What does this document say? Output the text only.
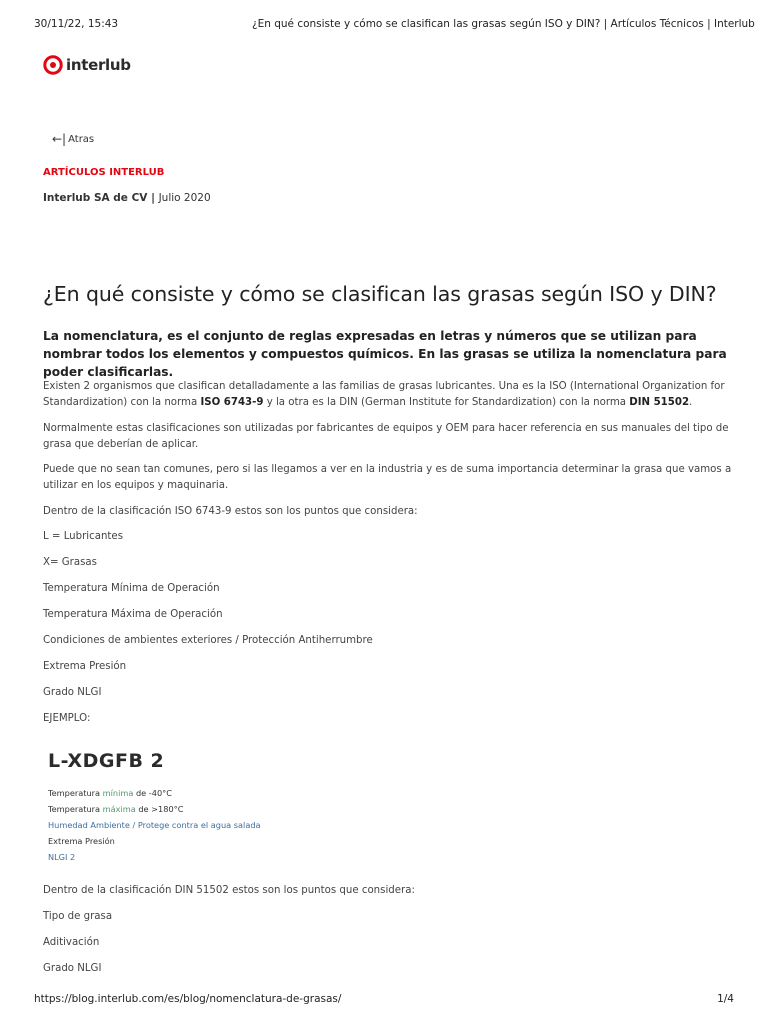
30/11/22, 15:43	¿En qué consiste y cómo se clasifican las grasas según ISO y DIN? | Artículos Técnicos | Interlub
interlub
←| Atras
ARTÍCULOS INTERLUB
Interlub SA de CV | Julio 2020
¿En qué consiste y cómo se clasifican las grasas según ISO y DIN?

La nomenclatura, es el conjunto de reglas expresadas en letras y números que se utilizan para nombrar todos los elementos y compuestos químicos. En las grasas se utiliza la nomenclatura para poder clasificarlas.

Existen 2 organismos que clasifican detalladamente a las familias de grasas lubricantes. Una es la ISO (International Organization for Standardization) con la norma ISO 6743-9 y la otra es la DIN (German Institute for Standardization) con la norma DIN 51502.

Normalmente estas clasificaciones son utilizadas por fabricantes de equipos y OEM para hacer referencia en sus manuales del tipo de grasa que deberían de aplicar.

Puede que no sean tan comunes, pero si las llegamos a ver en la industria y es de suma importancia determinar la grasa que vamos a utilizar en los equipos y maquinaria.

Dentro de la clasificación ISO 6743-9 estos son los puntos que considera:

L = Lubricantes

X= Grasas

Temperatura Mínima de Operación

Temperatura Máxima de Operación

Condiciones de ambientes exteriores / Protección Antiherrumbre

Extrema Presión

Grado NLGI

EJEMPLO:

L-XDGFB 2
Temperatura mínima de -40°C
Temperatura máxima de >180°C
Humedad Ambiente / Protege contra el agua salada
Extrema Presión
NLGI 2

Dentro de la clasificación DIN 51502 estos son los puntos que considera:

Tipo de grasa

Aditivación

Grado NLGI

https://blog.interlub.com/es/blog/nomenclatura-de-grasas/	1/4
